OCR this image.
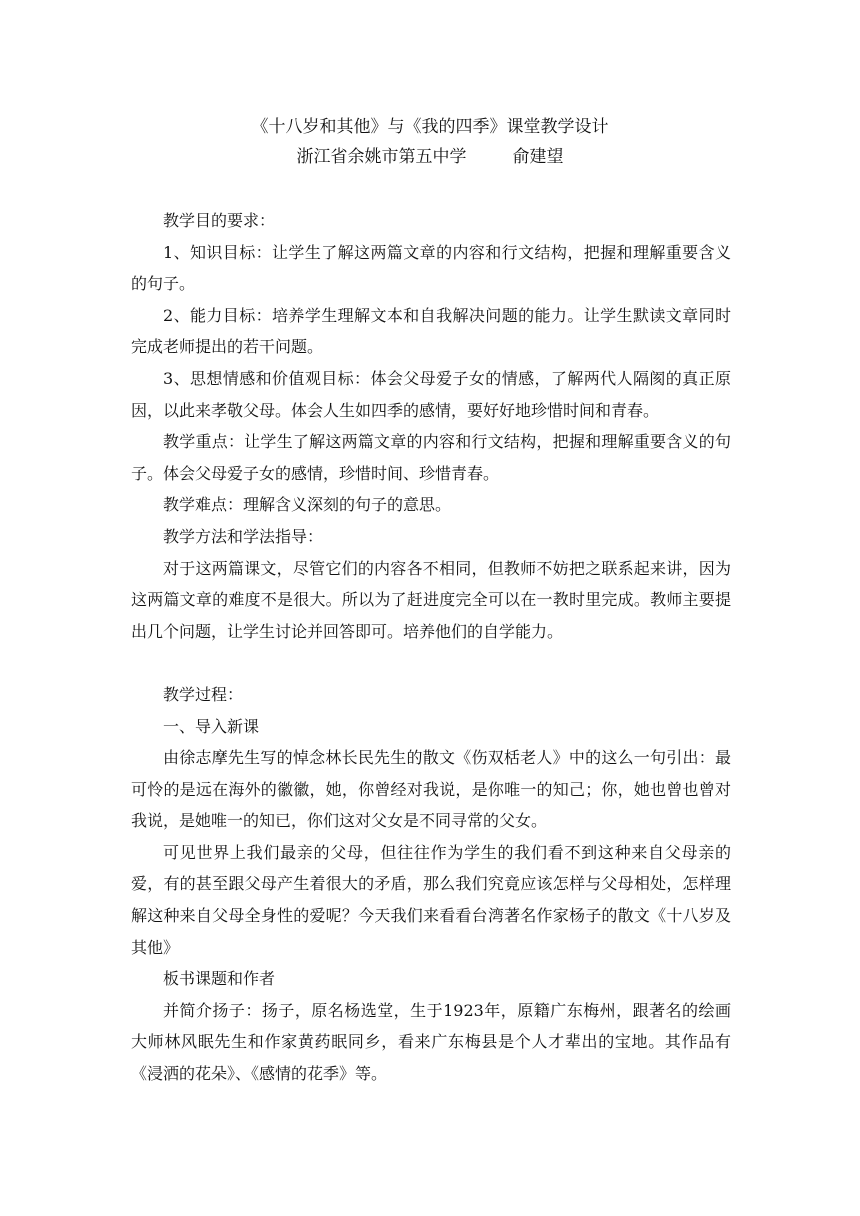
《十八岁和其他》与《我的四季》课堂教学设计
浙江省余姚市第五中学	俞建望

教学目的要求：

1、知识目标：让学生了解这两篇文章的内容和行文结构，把握和理解重要含义的句子。

2、能力目标：培养学生理解文本和自我解决问题的能力。让学生默读文章同时完成老师提出的若干问题。

3、思想情感和价值观目标：体会父母爱子女的情感，了解两代人隔阂的真正原因，以此来孝敬父母。体会人生如四季的感情，要好好地珍惜时间和青春。

教学重点：让学生了解这两篇文章的内容和行文结构，把握和理解重要含义的句子。体会父母爱子女的感情，珍惜时间、珍惜青春。

教学难点：理解含义深刻的句子的意思。

教学方法和学法指导：

对于这两篇课文，尽管它们的内容各不相同，但教师不妨把之联系起来讲，因为这两篇文章的难度不是很大。所以为了赶进度完全可以在一教时里完成。教师主要提出几个问题，让学生讨论并回答即可。培养他们的自学能力。

教学过程：

一、导入新课

由徐志摩先生写的悼念林长民先生的散文《伤双栝老人》中的这么一句引出：最可怜的是远在海外的徽徽，她，你曾经对我说，是你唯一的知己；你，她也曾也曾对我说，是她唯一的知已，你们这对父女是不同寻常的父女。

可见世界上我们最亲的父母，但往往作为学生的我们看不到这种来自父母亲的爱，有的甚至跟父母产生着很大的矛盾，那么我们究竟应该怎样与父母相处，怎样理解这种来自父母全身性的爱呢？今天我们来看看台湾著名作家杨子的散文《十八岁及其他》

板书课题和作者

并简介扬子：扬子，原名杨选堂，生于1923年，原籍广东梅州，跟著名的绘画大师林风眠先生和作家黄药眠同乡，看来广东梅县是个人才辈出的宝地。其作品有《浸洒的花朵》、《感情的花季》等。
